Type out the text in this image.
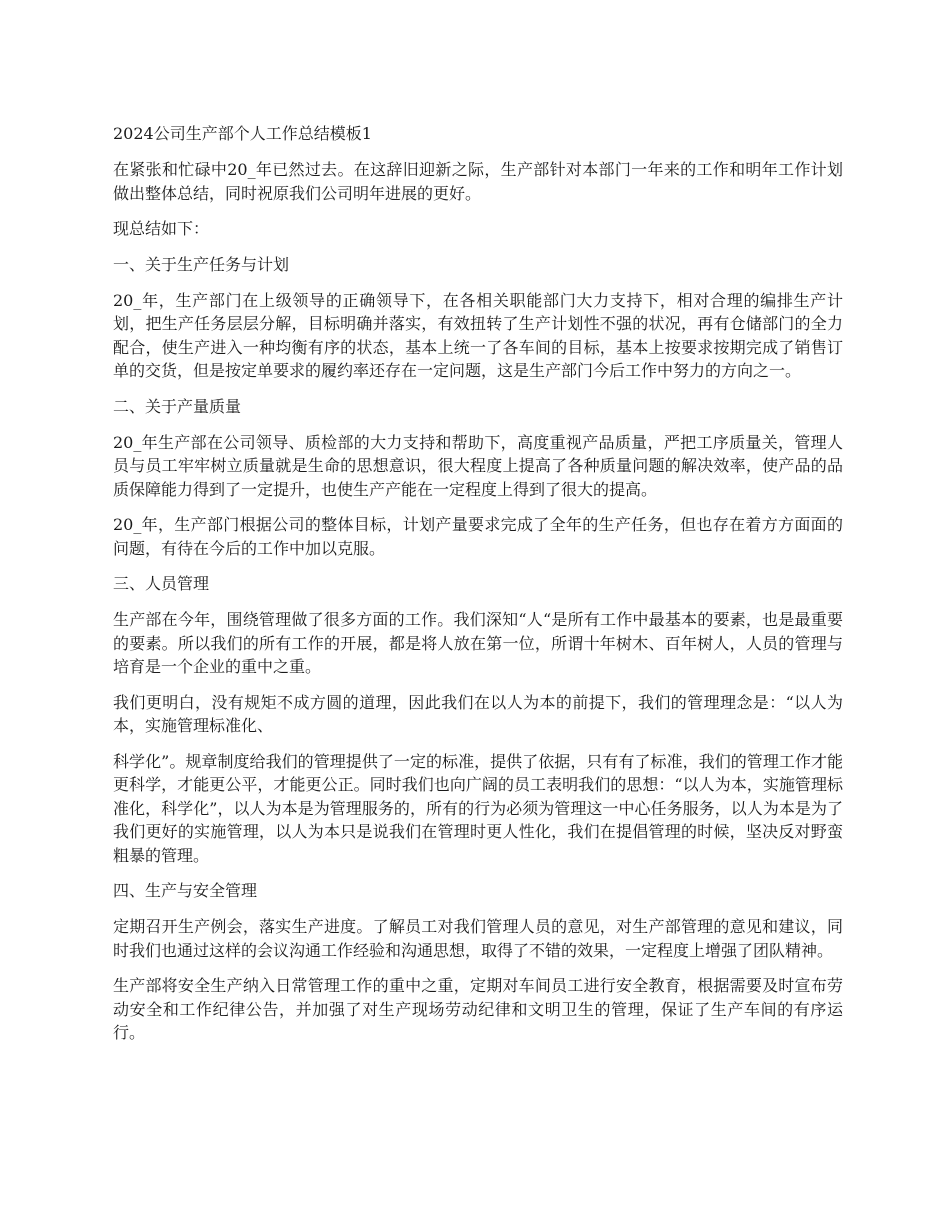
2024公司生产部个人工作总结模板1
在紧张和忙碌中20_年已然过去。在这辞旧迎新之际，生产部针对本部门一年来的工作和明年工作计划做出整体总结，同时祝原我们公司明年进展的更好。
现总结如下：
一、关于生产任务与计划
20_年，生产部门在上级领导的正确领导下，在各相关职能部门大力支持下，相对合理的编排生产计划，把生产任务层层分解，目标明确并落实，有效扭转了生产计划性不强的状况，再有仓储部门的全力配合，使生产进入一种均衡有序的状态，基本上统一了各车间的目标，基本上按要求按期完成了销售订单的交货，但是按定单要求的履约率还存在一定问题，这是生产部门今后工作中努力的方向之一。
二、关于产量质量
20_年生产部在公司领导、质检部的大力支持和帮助下，高度重视产品质量，严把工序质量关，管理人员与员工牢牢树立质量就是生命的思想意识，很大程度上提高了各种质量问题的解决效率，使产品的品质保障能力得到了一定提升，也使生产产能在一定程度上得到了很大的提高。
20_年，生产部门根据公司的整体目标，计划产量要求完成了全年的生产任务，但也存在着方方面面的问题，有待在今后的工作中加以克服。
三、人员管理
生产部在今年，围绕管理做了很多方面的工作。我们深知“人“是所有工作中最基本的要素，也是最重要的要素。所以我们的所有工作的开展，都是将人放在第一位，所谓十年树木、百年树人，人员的管理与培育是一个企业的重中之重。
我们更明白，没有规矩不成方圆的道理，因此我们在以人为本的前提下，我们的管理理念是：“以人为本，实施管理标准化、
科学化”。规章制度给我们的管理提供了一定的标准，提供了依据，只有有了标准，我们的管理工作才能更科学，才能更公平，才能更公正。同时我们也向广阔的员工表明我们的思想：“以人为本，实施管理标准化，科学化”，以人为本是为管理服务的，所有的行为必须为管理这一中心任务服务，以人为本是为了我们更好的实施管理，以人为本只是说我们在管理时更人性化，我们在提倡管理的时候，坚决反对野蛮粗暴的管理。
四、生产与安全管理
定期召开生产例会，落实生产进度。了解员工对我们管理人员的意见，对生产部管理的意见和建议，同时我们也通过这样的会议沟通工作经验和沟通思想，取得了不错的效果，一定程度上增强了团队精神。
生产部将安全生产纳入日常管理工作的重中之重，定期对车间员工进行安全教育，根据需要及时宣布劳动安全和工作纪律公告，并加强了对生产现场劳动纪律和文明卫生的管理，保证了生产车间的有序运行。
